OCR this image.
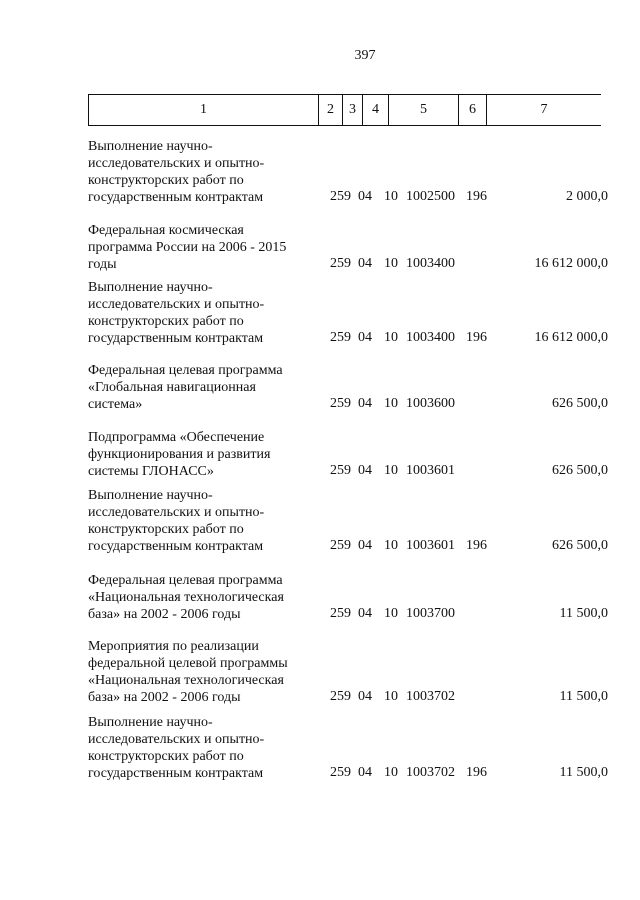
397
1	2	3	4	5	6	7
Выполнение научно-
исследовательских и опытно-
конструкторских работ по
государственным контрактам	259 04 10 1002500 196	2 000,0
Федеральная космическая
программа России на 2006 - 2015
годы	259 04 10 1003400	16 612 000,0
Выполнение научно-
исследовательских и опытно-
конструкторских работ по
государственным контрактам	259 04 10 1003400 196	16 612 000,0
Федеральная целевая программа
«Глобальная навигационная
система»	259 04 10 1003600	626 500,0
Подпрограмма «Обеспечение
функционирования и развития
системы ГЛОНАСС»	259 04 10 1003601	626 500,0
Выполнение научно-
исследовательских и опытно-
конструкторских работ по
государственным контрактам	259 04 10 1003601 196	626 500,0
Федеральная целевая программа
«Национальная технологическая
база» на 2002 - 2006 годы	259 04 10 1003700	11 500,0
Мероприятия по реализации
федеральной целевой программы
«Национальная технологическая
база» на 2002 - 2006 годы	259 04 10 1003702	11 500,0
Выполнение научно-
исследовательских и опытно-
конструкторских работ по
государственным контрактам	259 04 10 1003702 196	11 500,0
